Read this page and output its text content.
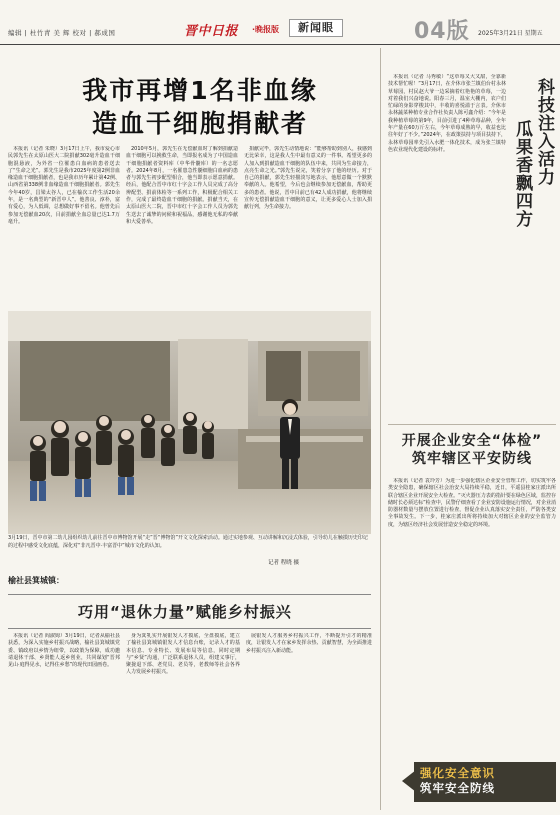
编辑 | 杜竹青 美 辉 校对 | 郝成国	晋中日报 ·晚报版	新闻眼	04版 2025年3月21日 星期五
我市再增1名非血缘
造血干细胞捐献者

本报讯（记者 朱晓）3月17日上午，我市爱心市民郭先生在太原山医大二院捐献302毫升造血干细胞混悬液，为外省一位罹患白血病的患者送去了“生命之光”。郭先生是我市2025年度第2例非血缘造血干细胞捐献者，也是我市历年累计第42例、山西省第338例非血缘造血干细胞捐献者。郭先生今年40岁，昌梁太谷人，已在榆次工作生活20余年，是一名典型的“新晋中人”。他善良、淳朴，富有爱心，为人低调，总想做好事不留名。他曾先后参加无偿献血20次，目前捐献全血总量已达1.7万毫升。

2010年5月，郭先生在无偿献血时了解到捐献造血干细胞可以挽救生命，当即报名成为了中国造血干细胞捐献者资料库（中华骨髓库）的一名志愿者。2024年8月，一名罹患急性髓细胞白血病的患者与郭先生初步配型相合，他当即表示愿意捐献。经后，他配合晋中市红十字会工作人员完成了高分辨配型、捐前体检等一系列工作，积极配合相关工作，完成了最终造血干细胞的捐献。捐献当天，在太原山医大二院，晋中市红十字会工作人员为郭先生送去了诚挚的问候和祝福品，感谢他无私的奉献和大爱善举。

捐献完毕，郭先生动情地说：“能够帮助到别人，我感到无比荣幸，这是我人生中最有意义的一件事。希望更多的人加入到捐献造血干细胞的队伍中来，共同为生命接力，点亮生命之光。”郭先生说完，笑着分享了他的经历。对于自己的捐献，郭先生轻描淡写地表示，他愿意做一个默默奉献的人。他希望，今后也会继续参加无偿献血，帮助更多的患者。他说，晋中目前已有42人成功捐献，他将继续宣传无偿捐献造血干细胞的意义，让更多爱心人士加入捐献行列，为生命接力。

3月19日，晋中市第二幼儿园组织幼儿前往晋中市博物馆开展“走”晋“博物馆”开文文化探索活动。通过实地参观、互动讲解和沉浸式体验，引导幼儿在触摸历史印记的过程中感受文化底蕴，深化对“非凡晋中·丰富晋中”城市文化的认知。
记者 程晓 摄
榆社县箕城镇：
巧用“退休力量”赋能乡村振兴

本报讯（记者 阎淑姆）3月19日，记者从榆社县获悉，为深入实施乡村振兴战略，榆社县箕城镇党委、镇政府以乡情为纽带，以政策为保障，成功邀请退休干部、乡贤能人返乡创业，共同谋划“晋邦见山·庭得见水，记得住乡愁”的现代田园画卷。

身为箕乳实开展银发人才摸底，全盘摸底，建立了榆社县箕城镇银发人才信息台账，记录人才的基本信息、专业特长、发展布局等信息，同时定期与“乡贤”沟通，广泛联系退休人员，组建义事厅，聚拢退下部、老党员、老员等，老教师等社会各界人力发展乡村振兴。

展银发人才服务乡村振兴工作，不断提升引才的精准度，让银发人才在家乡发挥余热、贡献智慧，为全面推进乡村振兴注入新动能。

科技注入活力
瓜果香飘四方

本报讯（记者 马秀敏）“这草莓又大又甜，全靠新技术帮忙喔！”3月17日，在介休市张兰镇伯台村永林草莓园，村民赵大爷一边采摘着红艳艳的草莓，一边对着我们兴奋地说。阳春三月，温室大棚内，农户们忙碌的身影穿梭其中，丰收的喜悦溢于言表。介休市永林蔬菜种植专业合作社负责人陈可鑫介绍：“今年是我种植草莓的第9年，目前引进了4种草莓品种，全年年产量在60万斤左右，今年草莓成熟的早，收益也比往年好了不少。”2024年，在政策扶持与项目扶持下，永林草莓园率先引入水肥一体化技术，成为张兰镇特色农业现代化建设的标杆。

开展企业安全“体检”
筑牢辖区平安防线

本报讯（记者 袁玲芳）为进一步强化辖区企业安全管理工作，切实筑牢各类安全隐患，确保辖区社会治安大局持续平稳，近日，平遥县桂家庄派出所联合辖区企业开展安全大检查。“灭火器压力表的指针要在绿色区域，监控存储时长必须达标”检查中，民警仔细查看了企业安防设施运行情况，对企业消防器材数量与摆放位置进行检查，督促企业认真落实安全责任，严防各类安全事故发生。下一步，桂家庄派出所将持续加大对辖区企业的安全监管力度，为辖区经济社会发展营造安全稳定的环境。

强化安全意识
筑牢安全防线
